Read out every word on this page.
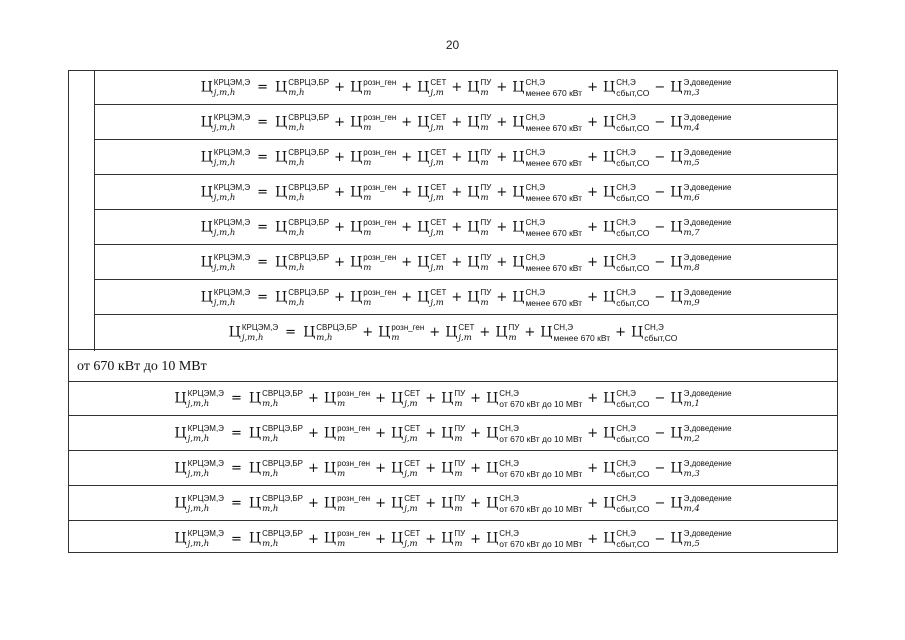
20
Ц КРЦЭМ,Э
j,m,h	= Ц СВРЦЭ,БР
m,h	+ Ц розн_ген
m	+ Ц СЕТ
j,m + Ц ПУ
m + Ц СН,Э
менее 670 кВт + Ц СН,Э
сбыт,СО − Ц Э,доведение
m,3
Ц КРЦЭМ,Э
j,m,h	= Ц СВРЦЭ,БР
m,h	+ Ц розн_ген
m	+ Ц СЕТ
j,m + Ц ПУ
m + Ц СН,Э
менее 670 кВт + Ц СН,Э
сбыт,СО − Ц Э,доведение
m,4
Ц КРЦЭМ,Э
j,m,h	= Ц СВРЦЭ,БР
m,h	+ Ц розн_ген
m	+ Ц СЕТ
j,m + Ц ПУ
m + Ц СН,Э
менее 670 кВт + Ц СН,Э
сбыт,СО − Ц Э,доведение
m,5
Ц КРЦЭМ,Э
j,m,h	= Ц СВРЦЭ,БР
m,h	+ Ц розн_ген
m	+ Ц СЕТ
j,m + Ц ПУ
m + Ц СН,Э
менее 670 кВт + Ц СН,Э
сбыт,СО − Ц Э,доведение
m,6
Ц КРЦЭМ,Э
j,m,h	= Ц СВРЦЭ,БР
m,h	+ Ц розн_ген
m	+ Ц СЕТ
j,m + Ц ПУ
m + Ц СН,Э
менее 670 кВт + Ц СН,Э
сбыт,СО − Ц Э,доведение
m,7
Ц КРЦЭМ,Э
j,m,h	= Ц СВРЦЭ,БР
m,h	+ Ц розн_ген
m	+ Ц СЕТ
j,m + Ц ПУ
m + Ц СН,Э
менее 670 кВт + Ц СН,Э
сбыт,СО − Ц Э,доведение
m,8
Ц КРЦЭМ,Э
j,m,h	= Ц СВРЦЭ,БР
m,h	+ Ц розн_ген
m	+ Ц СЕТ
j,m + Ц ПУ
m + Ц СН,Э
менее 670 кВт + Ц СН,Э
сбыт,СО − Ц Э,доведение
m,9
Ц КРЦЭМ,Э
j,m,h	= Ц СВРЦЭ,БР
m,h	+ Ц розн_ген
m	+ Ц СЕТ
j,m + Ц ПУ
m + Ц СН,Э
менее 670 кВт + Ц СН,Э
сбыт,СО
от 670 кВт до 10 МВт
Ц КРЦЭМ,Э
j,m,h	= Ц СВРЦЭ,БР
m,h	+ Ц розн_ген
m	+ Ц СЕТ
j,m + Ц ПУ
m + Ц СН,Э
от 670 кВт до 10 МВт + Ц СН,Э
сбыт,СО − Ц Э,доведение
m,1
Ц КРЦЭМ,Э
j,m,h	= Ц СВРЦЭ,БР
m,h	+ Ц розн_ген
m	+ Ц СЕТ
j,m + Ц ПУ
m + Ц СН,Э
от 670 кВт до 10 МВт + Ц СН,Э
сбыт,СО − Ц Э,доведение
m,2
Ц КРЦЭМ,Э
j,m,h	= Ц СВРЦЭ,БР
m,h	+ Ц розн_ген
m	+ Ц СЕТ
j,m + Ц ПУ
m + Ц СН,Э
от 670 кВт до 10 МВт + Ц СН,Э
сбыт,СО − Ц Э,доведение
m,3
Ц КРЦЭМ,Э
j,m,h	= Ц СВРЦЭ,БР
m,h	+ Ц розн_ген
m	+ Ц СЕТ
j,m + Ц ПУ
m + Ц СН,Э
от 670 кВт до 10 МВт + Ц СН,Э
сбыт,СО − Ц Э,доведение
m,4
Ц КРЦЭМ,Э
j,m,h	= Ц СВРЦЭ,БР
m,h	+ Ц розн_ген
m	+ Ц СЕТ
j,m + Ц ПУ
m + Ц СН,Э
от 670 кВт до 10 МВт + Ц СН,Э
сбыт,СО − Ц Э,доведение
m,5
